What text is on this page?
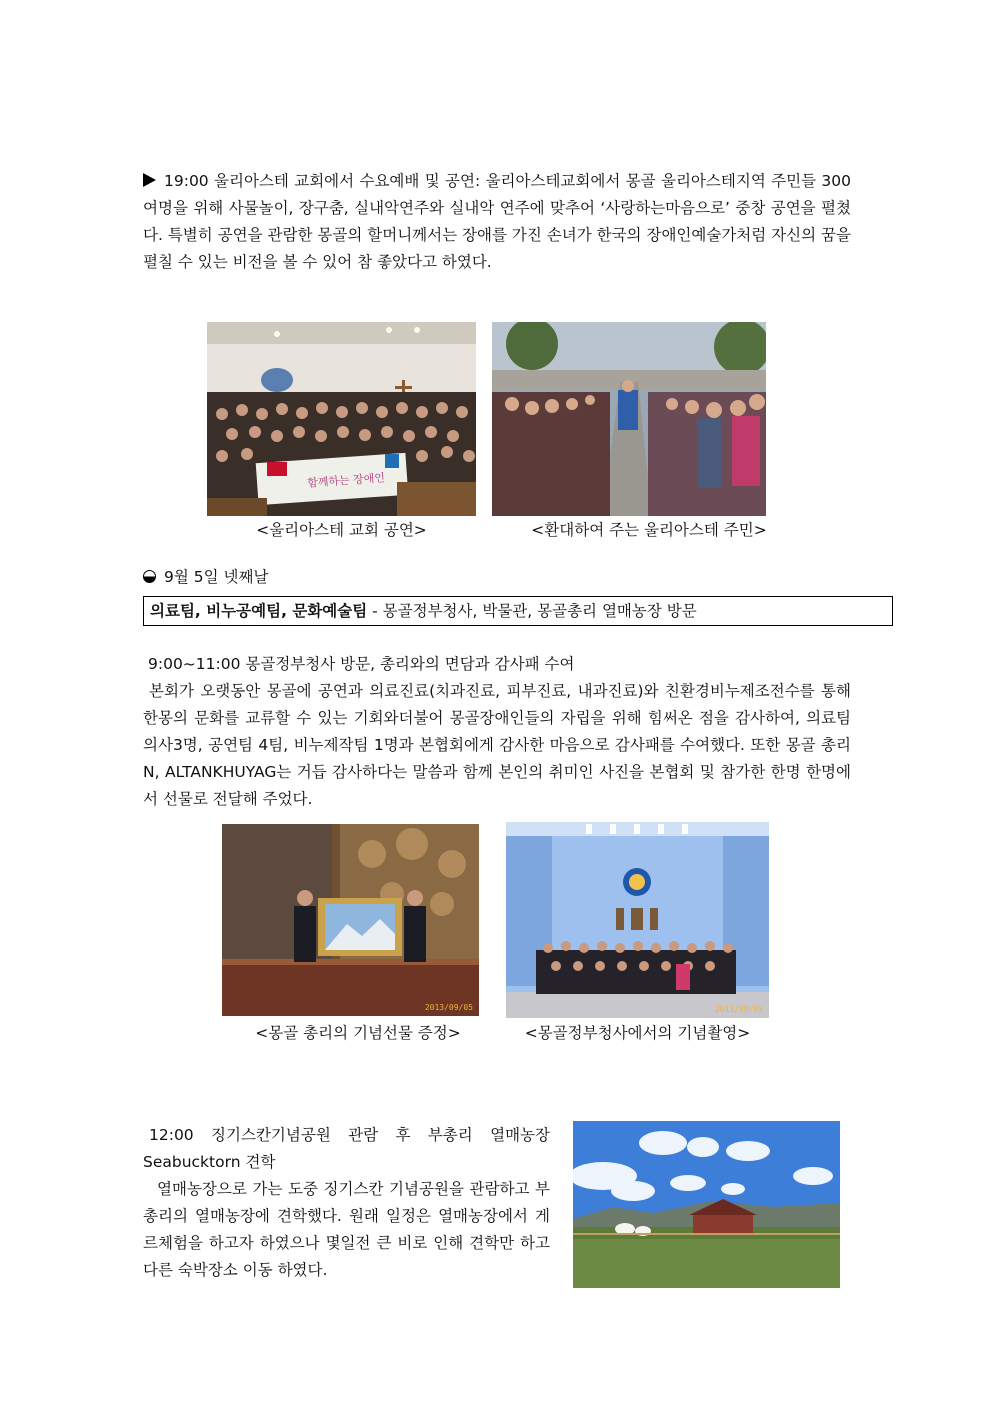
19:00 울리아스테 교회에서 수요예배 및 공연: 울리아스테교회에서 몽골 울리아스테지역 주민들 300여명을 위해 사물놀이, 장구춤, 실내악연주와 실내악 연주에 맞추어 ‘사랑하는마음으로’ 중창 공연을 펼쳤다. 특별히 공연을 관람한 몽골의 할머니께서는 장애를 가진 손녀가 한국의 장애인예술가처럼 자신의 꿈을 펼칠 수 있는 비전을 볼 수 있어 참 좋았다고 하였다.
함께하는 장애인
<울리아스테 교회 공연>	<환대하여 주는 울리아스테 주민>
9월 5일 넷째날
의료팀, 비누공예팀, 문화예술팀 - 몽골정부청사, 박물관, 몽골총리 열매농장 방문
9:00~11:00 몽골정부청사 방문, 총리와의 면담과 감사패 수여
본회가 오랫동안 몽골에 공연과 의료진료(치과진료, 피부진료, 내과진료)와 친환경비누제조전수를 통해 한몽의 문화를 교류할 수 있는 기회와더불어 몽골장애인들의 자립을 위해 힘써온 점을 감사하여, 의료팀 의사3명, 공연팀 4팀, 비누제작팀 1명과 본협회에게 감사한 마음으로 감사패를 수여했다. 또한 몽골 총리 N, ALTANKHUYAG는 거듭 감사하다는 말씀과 함께 본인의 취미인 사진을 본협회 및 참가한 한명 한명에서 선물로 전달해 주었다.
2013/09/05
<몽골 총리의 기념선물 증정>
2013/09/05
<몽골정부청사에서의 기념촬영>
12:00 징기스칸기념공원 관람 후 부총리 열매농장 Seabucktorn 견학
열매농장으로 가는 도중 징기스칸 기념공원을 관람하고 부총리의 열매농장에 견학했다. 원래 일정은 열매농장에서 게르체험을 하고자 하였으나 몇일전 큰 비로 인해 견학만 하고 다른 숙박장소 이동 하였다.
